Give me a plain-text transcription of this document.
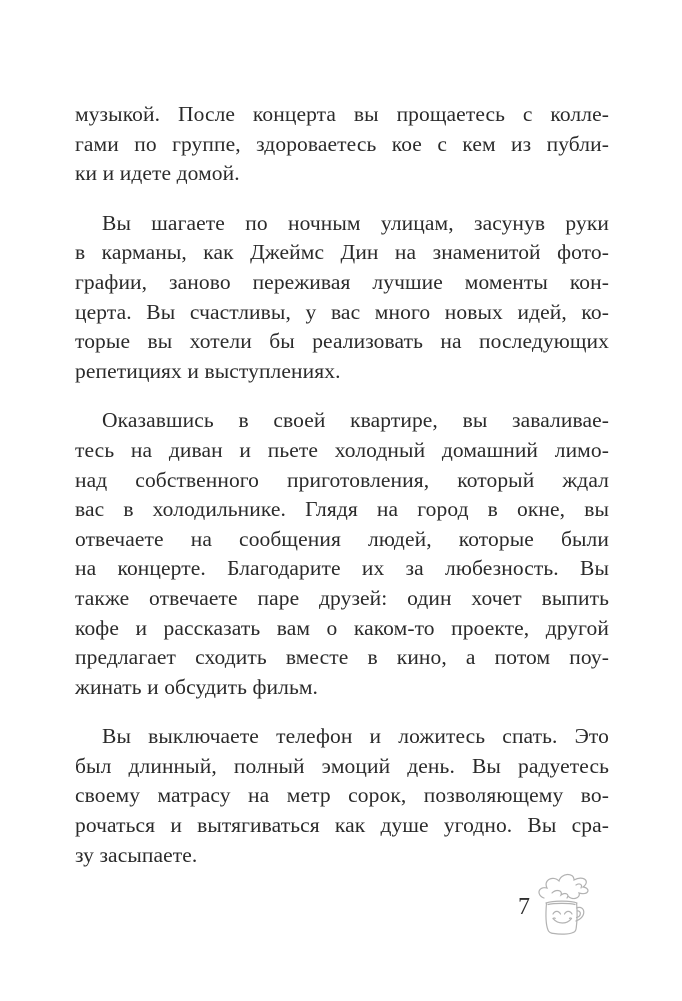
музыкой. После концерта вы прощаетесь с колле-
гами по группе, здороваетесь кое с кем из публи-
ки и идете домой.
Вы шагаете по ночным улицам, засунув руки
в карманы, как Джеймс Дин на знаменитой фото-
графии, заново переживая лучшие моменты кон-
церта. Вы счастливы, у вас много новых идей, ко-
торые вы хотели бы реализовать на последующих
репетициях и выступлениях.
Оказавшись в своей квартире, вы заваливае-
тесь на диван и пьете холодный домашний лимо-
над собственного приготовления, который ждал
вас в холодильнике. Глядя на город в окне, вы
отвечаете на сообщения людей, которые были
на концерте. Благодарите их за любезность. Вы
также отвечаете паре друзей: один хочет выпить
кофе и рассказать вам о каком-то проекте, другой
предлагает сходить вместе в кино, а потом поу-
жинать и обсудить фильм.
Вы выключаете телефон и ложитесь спать. Это
был длинный, полный эмоций день. Вы радуетесь
своему матрасу на метр сорок, позволяющему во-
рочаться и вытягиваться как душе угодно. Вы сра-
зу засыпаете.
7
